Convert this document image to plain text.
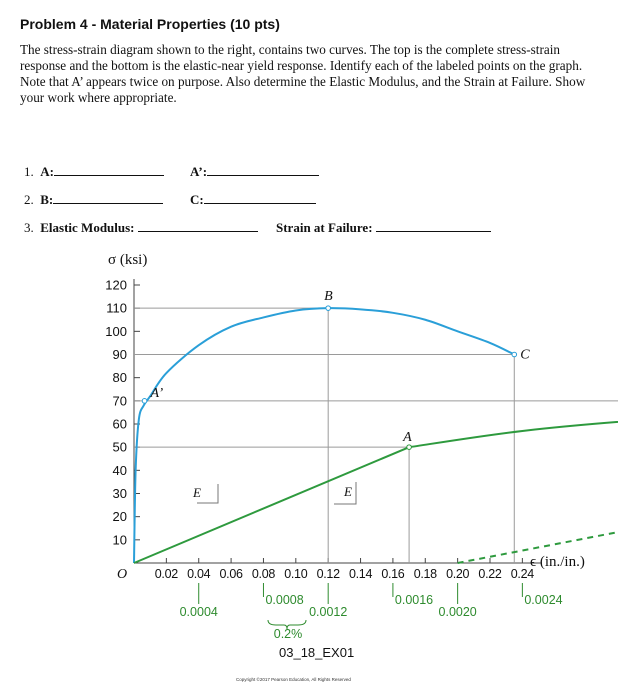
Problem 4 - Material Properties (10 pts)

The stress-strain diagram shown to the right, contains two curves. The top is the complete stress-strain response and the bottom is the elastic-near yield response. Identify each of the labeled points on the graph. Note that A’ appears twice on purpose. Also determine the Elastic Modulus, and the Strain at Failure. Show your work where appropriate.

1. A:	A’:
2. B:	C:
3. Elastic Modulus:	Strain at Failure:
10
20
30
40
50
60
70
80
90
100
110
120
σ (ksi)
0.02 0.04 0.06 0.08 0.10 0.12 0.14 0.16 0.18 0.20 0.22 0.24
O
ϵ (in./in.)
A’
B
C
A
E	E
0.0008	0.0016	0.0024
0.0004	0.0012	0.0020
0.2%
03_18_EX01
Copyright ©2017 Pearson Education, All Rights Reserved
